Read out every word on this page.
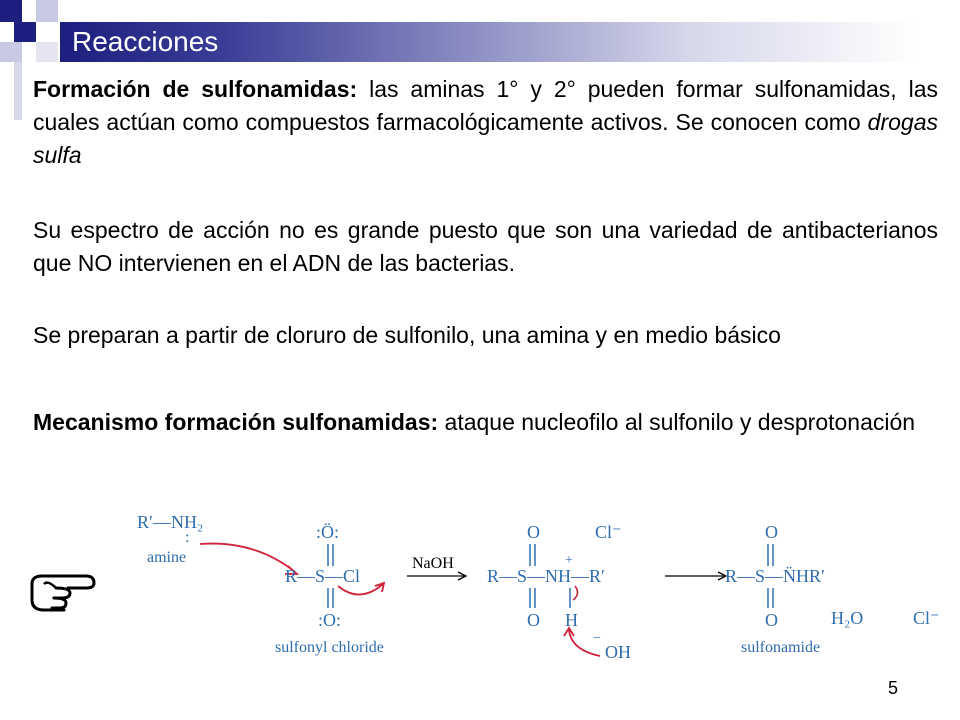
Reacciones

Formación de sulfonamidas: las aminas 1° y 2° pueden formar sulfonamidas, las cuales actúan como compuestos farmacológicamente activos. Se conocen como drogas sulfa

Su espectro de acción no es grande puesto que son una variedad de antibacterianos que NO intervienen en el ADN de las bacterias.

Se preparan a partir de cloruro de sulfonilo, una amina y en medio básico

Mecanismo formación sulfonamidas: ataque nucleofilo al sulfonilo y desprotonación

R′—NH₂
:
amine
:Ö:
R—S—Cl
:O:
sulfonyl chloride
NaOH
O
R—S—NH—R′
+
O H
Cl⁻
−
OH
O
R—S—N̈HR′
O	H₂O	Cl⁻
sulfonamide
5
